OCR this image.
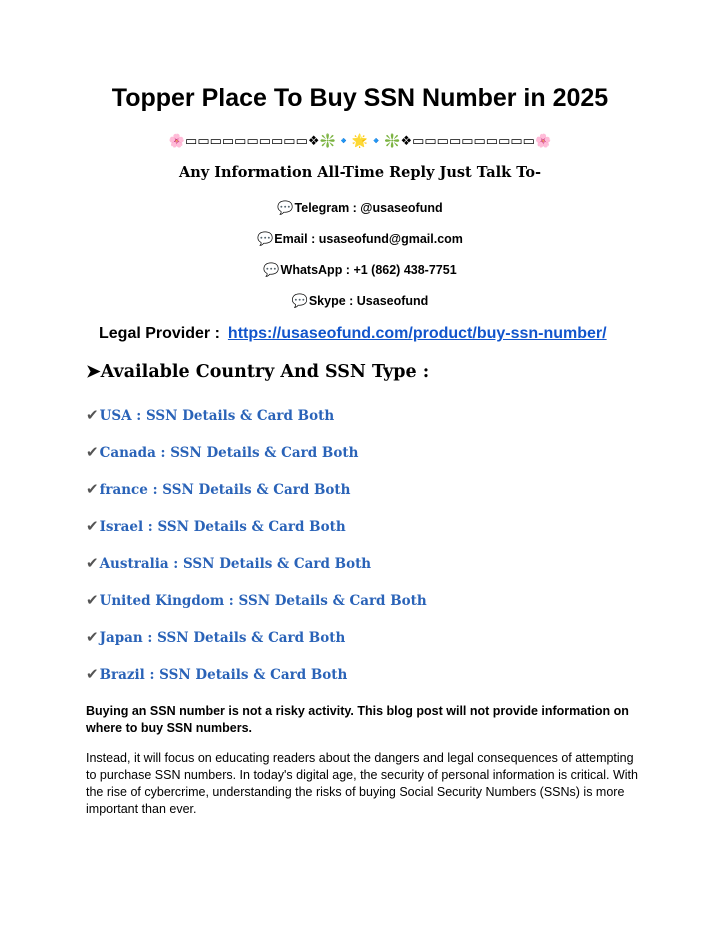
Topper Place To Buy SSN Number in 2025
🌸▭▭▭▭▭▭▭▭▭▭❖❇️🔹🌟🔹❇️❖▭▭▭▭▭▭▭▭▭▭🌸
Any Information All-Time Reply Just Talk To-
💬Telegram : @usaseofund
💬Email : usaseofund@gmail.com
💬WhatsApp : +1 (862) 438-7751
💬Skype : Usaseofund
Legal Provider : https://usaseofund.com/product/buy-ssn-number/
➤Available Country And SSN Type :
✔USA : SSN Details & Card Both
✔Canada : SSN Details & Card Both
✔france : SSN Details & Card Both
✔Israel : SSN Details & Card Both
✔Australia : SSN Details & Card Both
✔United Kingdom : SSN Details & Card Both
✔Japan : SSN Details & Card Both
✔Brazil : SSN Details & Card Both
Buying an SSN number is not a risky activity. This blog post will not provide information on where to buy SSN numbers.
Instead, it will focus on educating readers about the dangers and legal consequences of attempting to purchase SSN numbers. In today's digital age, the security of personal information is critical. With the rise of cybercrime, understanding the risks of buying Social Security Numbers (SSNs) is more important than ever.
